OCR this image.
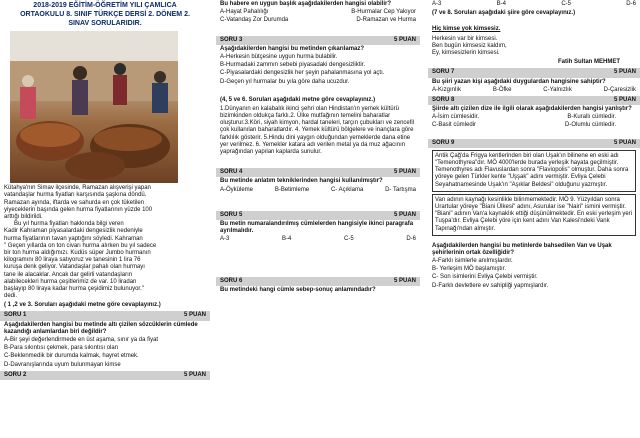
2018-2019 EĞİTİM-ÖĞRETİM YILI ÇAMLICA
ORTAOKULU 8. SINIF TÜRKÇE DERSİ 2. DÖNEM 2.
SINAV SORULARIDIR.
Kütahya'nın Simav ilçesinde, Ramazan alışverişi yapan
vatandaşlar hurma fiyatları karşısında şaşkına döndü.
Ramazan ayında, iftarda ve sahurda en çok tüketilen
yiyeceklerin başında gelen hurma fiyatlarının yüzde 100
arttığı bildirildi.
Bu yıl hurma fiyatları hakkında bilgi veren
Kadir Kahraman piyasalardaki dengesizlik nedeniyle
hurma fiyatlarının tavan yaptığını söyledi. Kahraman
" Geçen yıllarda on ton civarı hurma alırken bu yıl sadece
bir ton hurma aldığımızı. Kudüs süper Jumbo hurmanın
kilogramını 80 liraya satıyoruz ve tanesinin 1 lira 76
kuruşa denk geliyor. Vatandaşlar pahalı olan hurmayı
tane ile alacaklar. Ancak dar gelirli vatandaşların
alabilecekleri hurma çeşitlerimiz de var. 10 liradan
başlayıp 80 liraya kadar hurma çeşidimiz bulunuyor."
dedi.
( 1 ,2 ve 3. Soruları aşağıdaki metne göre cevaplayınız.)
SORU 1	5 PUAN
Aşağıdakilerden hangisi bu metinde altı çizilen sözcüklerin cümlede kazandığı anlamlardan biri değildir?
A-Bir şeyi değerlendirmede en üst aşama, sınır ya da fiyat
B-Para sıkıntısı çekmek, para sıkıntısı olan
C-Beklenmedik bir durumda kalmak, hayret etmek.
D-Davranışlarında uyum bulunmayan kimse
SORU 2	5 PUAN
Bu habere en uygun başlık aşağıdakilerden hangisi olabilir?
A-Hayat Pahalılığı	B-Hurmalar Cep Yakıyor
C-Vatandaş Zor Durumda	D-Ramazan ve Hurma
SORU 3	5 PUAN
Aşağıdakilerden hangisi bu metinden çıkarılamaz?
A-Herkesin bütçesine uygun hurma bulabilir.
B-Hurmadaki zammın sebebi piyasadaki dengesizliktir.
C-Piyasalardaki dengesizlik her şeyin pahalanmasına yol açtı.
D-Geçen yıl hurmalar bu yıla göre daha ucuzdur.
(4, 5 ve 6. Soruları aşağıdaki metne göre cevaplayınız.)
1.Dünyanın en kalabalık ikinci şehri olan Hindistan'ın yemek kültürü bizimkinden oldukça farklı.2. Ülke mutfağının temelini baharatlar oluşturur.3.Köri, siyah kimyon, hardal taneleri, tarçın çubukları ve zencefil çok kullanılan baharatlardır. 4. Yemek kültürü bölgelere ve inançlara göre farklılık gösterir. 5.Hindu dini yaygın olduğundan yemeklerde dana etine yer verilmez. 6. Yemekler katara adı verilen metal ya da muz ağacının yaprağından yapılan kaplarda sunulur.
SORU 4	5 PUAN
Bu metinde anlatım tekniklerinden hangisi kullanılmıştır?
A-Öyküleme	B-Betimleme	C- Açıklama	D- Tartışma
SORU 5	5 PUAN
Bu metin numaralandırılmış cümlelerden hangisiyle ikinci paragrafa ayrılmalıdır.
A-3	B-4	C-5	D-6
SORU 6	5 PUAN
Bu metindeki hangi cümle sebep-sonuç anlamındadır?
A-3	B-4	C-5	D-6
(7 ve 8. Soruları aşağıdaki şiire göre cevaplayınız.)
Hiç kimse yok kimsesiz.
Herkesin var bir kimsesi.
Ben bugün kimsesiz kaldım,
Ey, kimsesizlerin kimsesi.
Fatih Sultan MEHMET
SORU 7	5 PUAN
Bu şiiri yazan kişi aşağıdaki duygulardan hangisine sahiptir?
A-Kızgınlık	B-Öfke	C-Yalnızlık	D-Çaresizlik
SORU 8	5 PUAN
Şiirde altı çizilen dize ile ilgili olarak aşağıdakilerden hangisi yanlıştır?
A-İsim cümlesidir.	B-Kurallı cümledir.
C-Basit cümledir	D-Olumlu cümledir.
SORU 9	5 PUAN
Antik Çağ'da Frigya kentlerinden biri olan Uşak'ın bilinene en eski adı "Temenothyrea"dır. MÖ 4000'lerde burada yerleşik hayata geçilmiştir. Temenothyres adı Flavuslardan sonra "Flaviopolis" olmuştur. Daha sonra yöreye gelen Türkler kente "Uşşak" adını vermiştir. Evliya Çelebi Seyahatnamesinde Uşak'ın "Aşıklar Beldesi" olduğunu yazmıştır.
Van adının kaynağı kesinlikle bilinmemektedir. MÖ 9. Yüzyıldan sonra Urartular yöreye "Biani Ülkesi" adını, Asurular ise "Nairi" ismini vermiştir. "Biani" adının Van'a kaynaklık ettiği düşünülmektedir. En eski yerleşim yeri Tuşpa'dır. Evliya Çelebi yöre için kent adını Van Kalesi'ndeki Vank Tapınağı'ndan almıştır.
Aşağıdakilerden hangisi bu metinlerde bahsedilen Van ve Uşak şehirlerinin ortak özelliğidir?
A-Farklı isimlerle anılmışlardır.
B- Yerleşim MÖ başlamıştır.
C- Son isimlerini Evliya Çelebi vermiştir.
D-Farklı devletlere ev sahipliği yapmışlardır.
